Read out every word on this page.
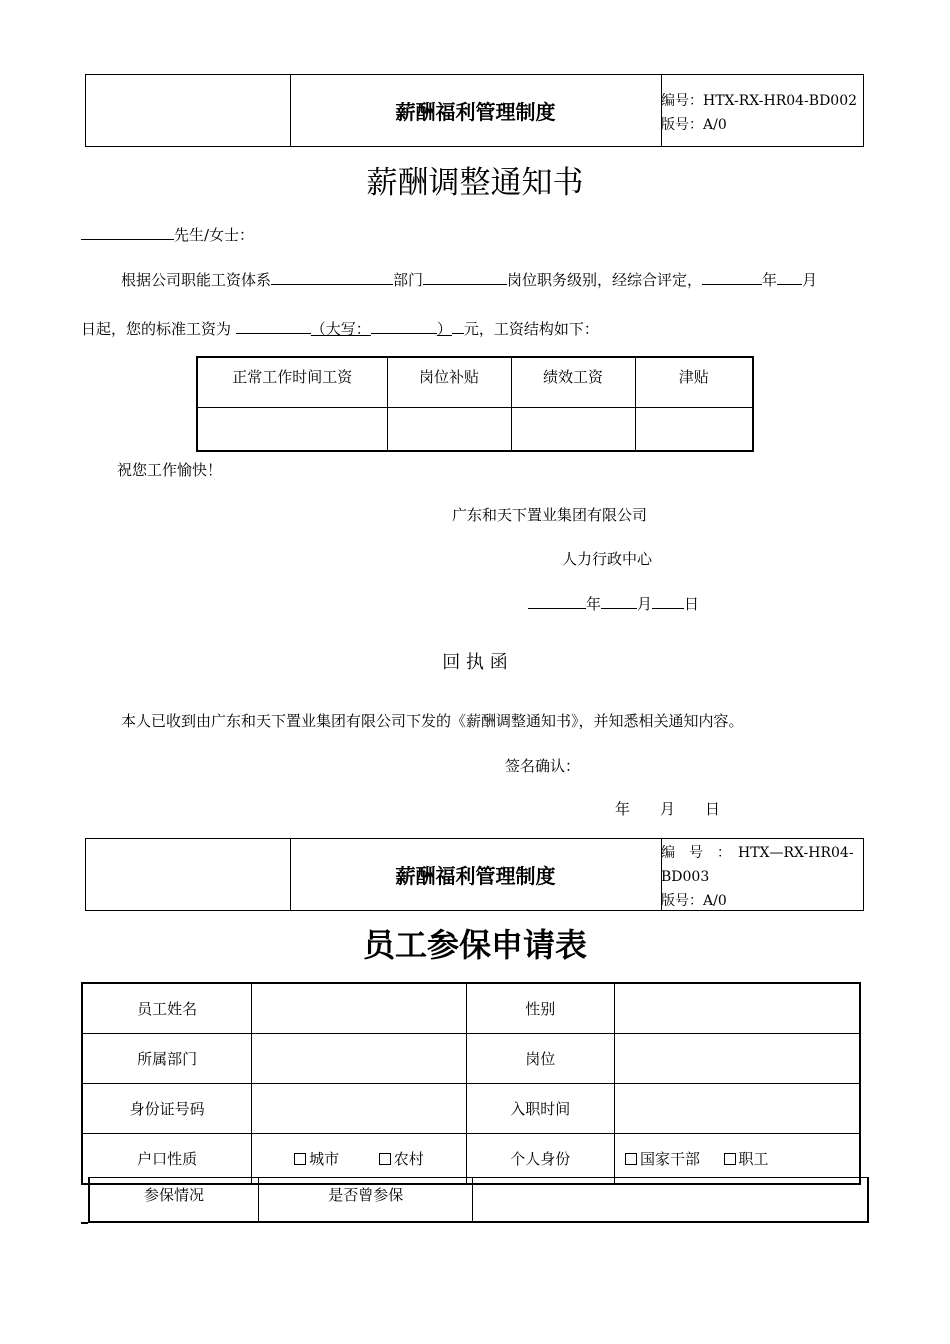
薪酬福利管理制度	编号：HTX-RX-HR04-BD002
版号：A/0
薪酬调整通知书
先生/女士：
根据公司职能工资体系	部门	岗位职务级别，经综合评定，	年 月
日起，您的标准工资为	（大写：	） 元，工资结构如下：
正常工作时间工资	岗位补贴	绩效工资	津贴

祝您工作愉快！
广东和天下置业集团有限公司
人力行政中心
年 月 日
回 执 函
本人已收到由广东和天下置业集团有限公司下发的《薪酬调整通知书》，并知悉相关通知内容。
签名确认：
年　　月　　日
薪酬福利管理制度
编　号　：　HTX—RX-HR04-
BD003
版号：A/0
员工参保申请表
员工姓名		性别	
所属部门		岗位	
身份证号码		入职时间	
户口性质	城市 农村	个人身份	国家干部 职工
参保情况	是否曾参保	
